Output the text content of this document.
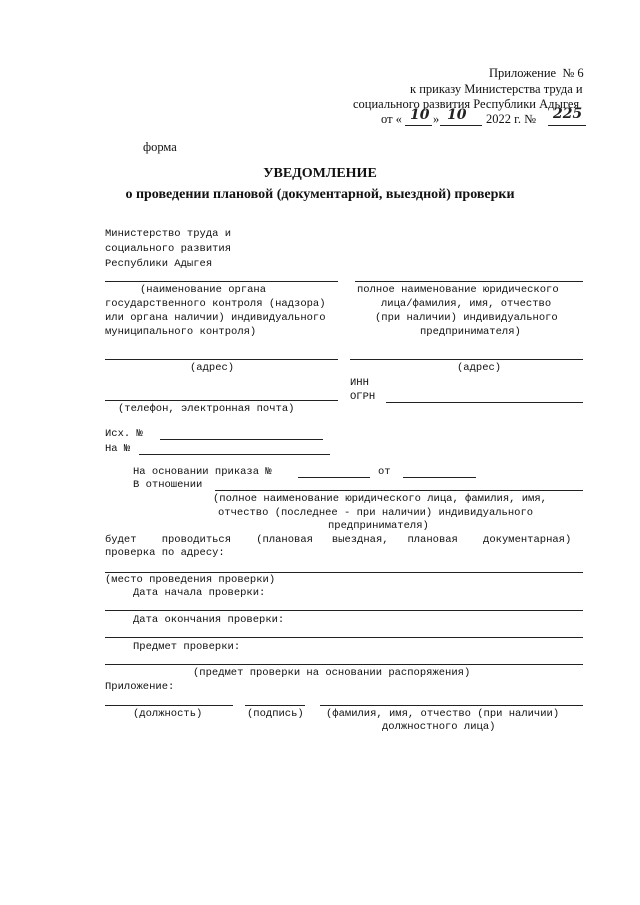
Приложение  № 6
к приказу Министерства труда и
социального развития Республики Адыгея
от « 10 » 10 2022 г. № 225
форма
УВЕДОМЛЕНИЕ
о проведении плановой (документарной, выездной) проверки
Министерство труда и
социального развития
Республики Адыгея
(наименование органа
государственного контроля (надзора)
или органа наличии) индивидуального
муниципального контроля)
полное наименование юридического
лица/фамилия, имя, отчество
(при наличии) индивидуального
предпринимателя)
(адрес)	(адрес)
ИНН
ОГРН
(телефон, электронная почта)
Исх. №
На №
На основании приказа №	от
В отношении
(полное наименование юридического лица, фамилия, имя,
отчество (последнее - при наличии) индивидуального
предпринимателя)
будет    проводиться    (плановая   выездная,   плановая    документарная)
проверка по адресу:
(место проведения проверки)
Дата начала проверки:
Дата окончания проверки:
Предмет проверки:
(предмет проверки на основании распоряжения)
Приложение:
(должность)	(подпись) (фамилия, имя, отчество (при наличии)
должностного лица)
